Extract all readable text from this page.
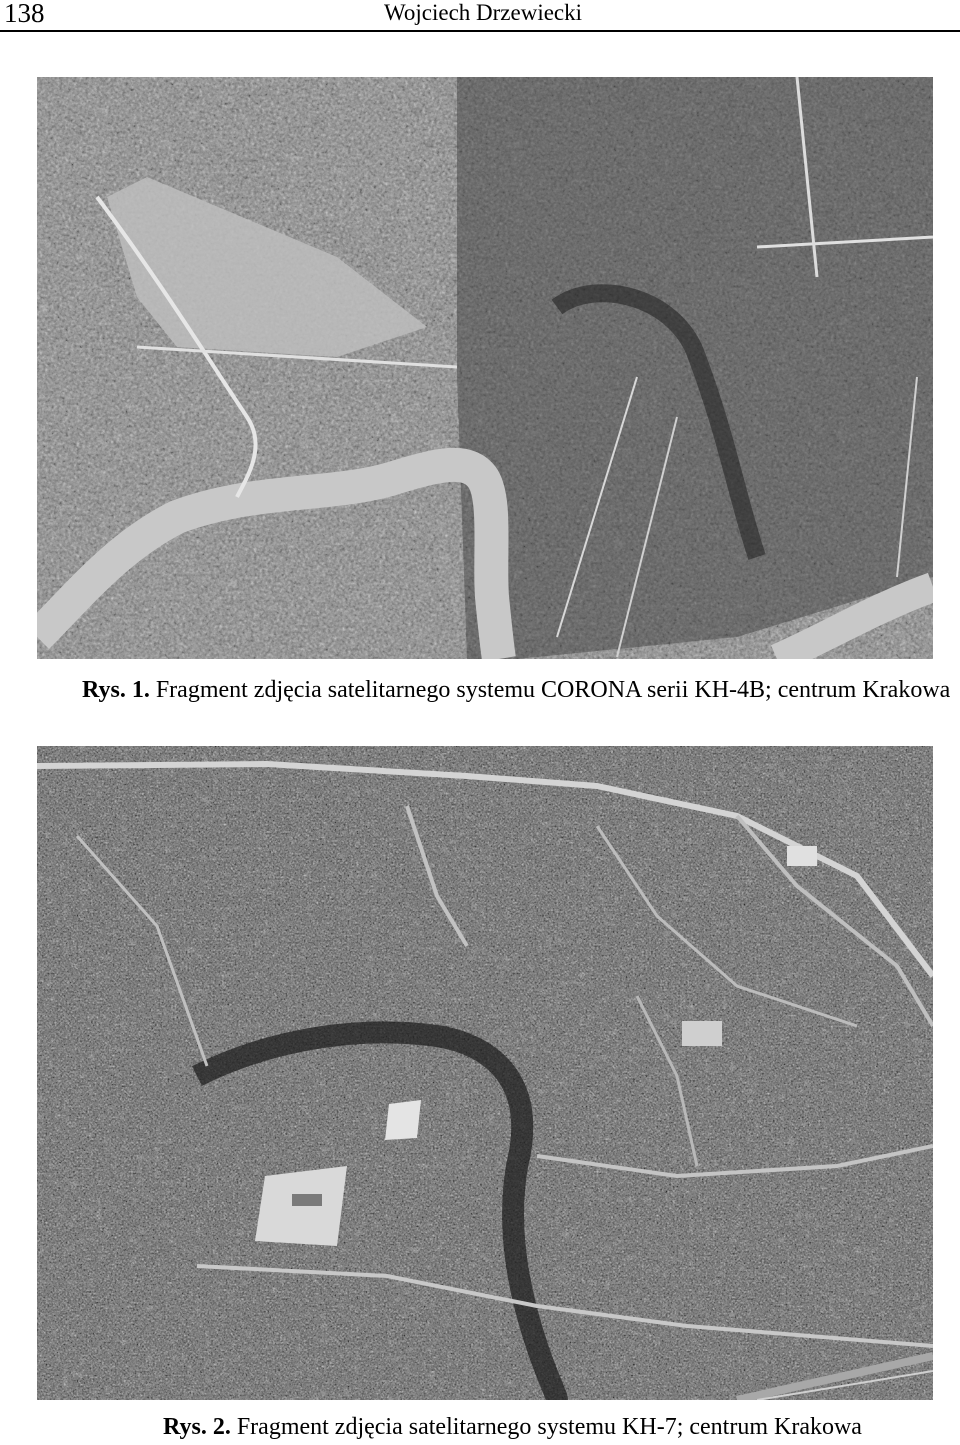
138	Wojciech Drzewiecki
Rys. 1. Fragment zdjęcia satelitarnego systemu CORONA serii KH-4B; centrum Krakowa
Rys. 2. Fragment zdjęcia satelitarnego systemu KH-7; centrum Krakowa
